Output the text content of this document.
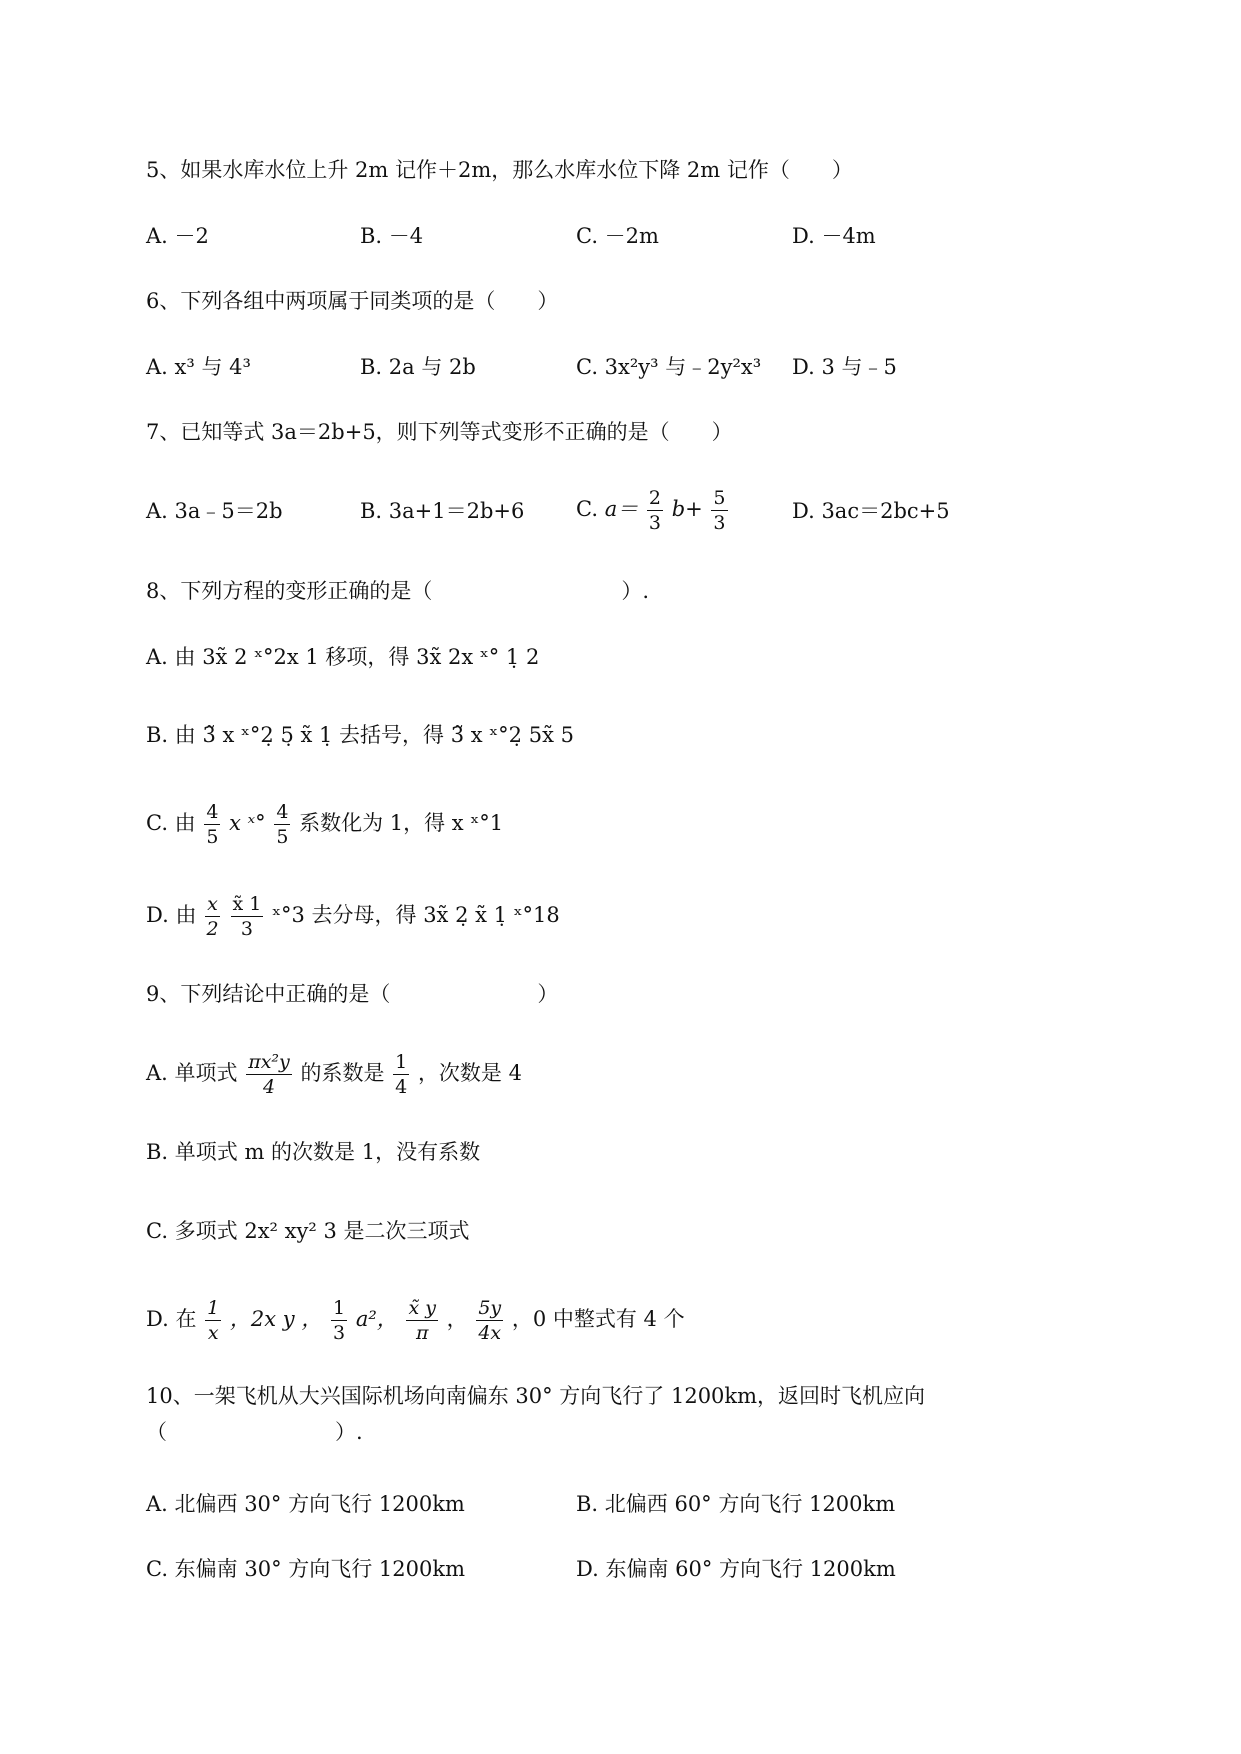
5、如果水库水位上升 2m 记作＋2m，那么水库水位下降 2m 记作（　　）
A. －2	B. －4	C. －2m	D. －4m
6、下列各组中两项属于同类项的是（　　）
A. x³ 与 4³	B. 2a 与 2b	C. 3x²y³ 与﹣2y²x³ D. 3 与﹣5
7、已知等式 3a＝2b+5，则下列等式变形不正确的是（　　）
A. 3a﹣5＝2b	B. 3a+1＝2b+6 C. $a= \frac{2}{3} b+ \frac{5}{3}$	D. 3ac＝2bc+5
8、下列方程的变形正确的是（　　　　　　　　　）.
A. 由 3x̃ 2 ˣ°2x 1 移项，得 3x̃ 2x ˣ° 1̣ 2
B. 由 3̃ x ˣ°2̣ 5̣ x̃ 1̣ 去括号，得 3̃ x ˣ°2̣ 5x̃ 5
C. 由 $\frac{4}{5}$ x ˣ° $\frac{4}{5}$ 系数化为 1，得 x ˣ°1
D. 由 $\frac{x}{2}$
$\frac{x̃ 1}{3}$ ˣ°3 去分母，得 3x̃ 2̣ x̃ 1̣ ˣ°18
9、下列结论中正确的是（　　　　　　　）
A. 单项式 $\frac{\text{πx²y}}{4}$ 的系数是 $\frac{1}{4}$ ，次数是 4
B. 单项式 m 的次数是 1，没有系数
C. 多项式 2x² xy² 3 是二次三项式
D. 在 $\frac{1}{x}$ ，2x y ， $\frac{1}{3} a^2$， $\frac{x̃ y}{\pi}$ ， $\frac{5y}{4x}$ ，0 中整式有 4 个
10、一架飞机从大兴国际机场向南偏东 30° 方向飞行了 1200km，返回时飞机应向
（　　　　　　　　）.
A. 北偏西 30° 方向飞行 1200km	B. 北偏西 60° 方向飞行 1200km
C. 东偏南 30° 方向飞行 1200km	D. 东偏南 60° 方向飞行 1200km
